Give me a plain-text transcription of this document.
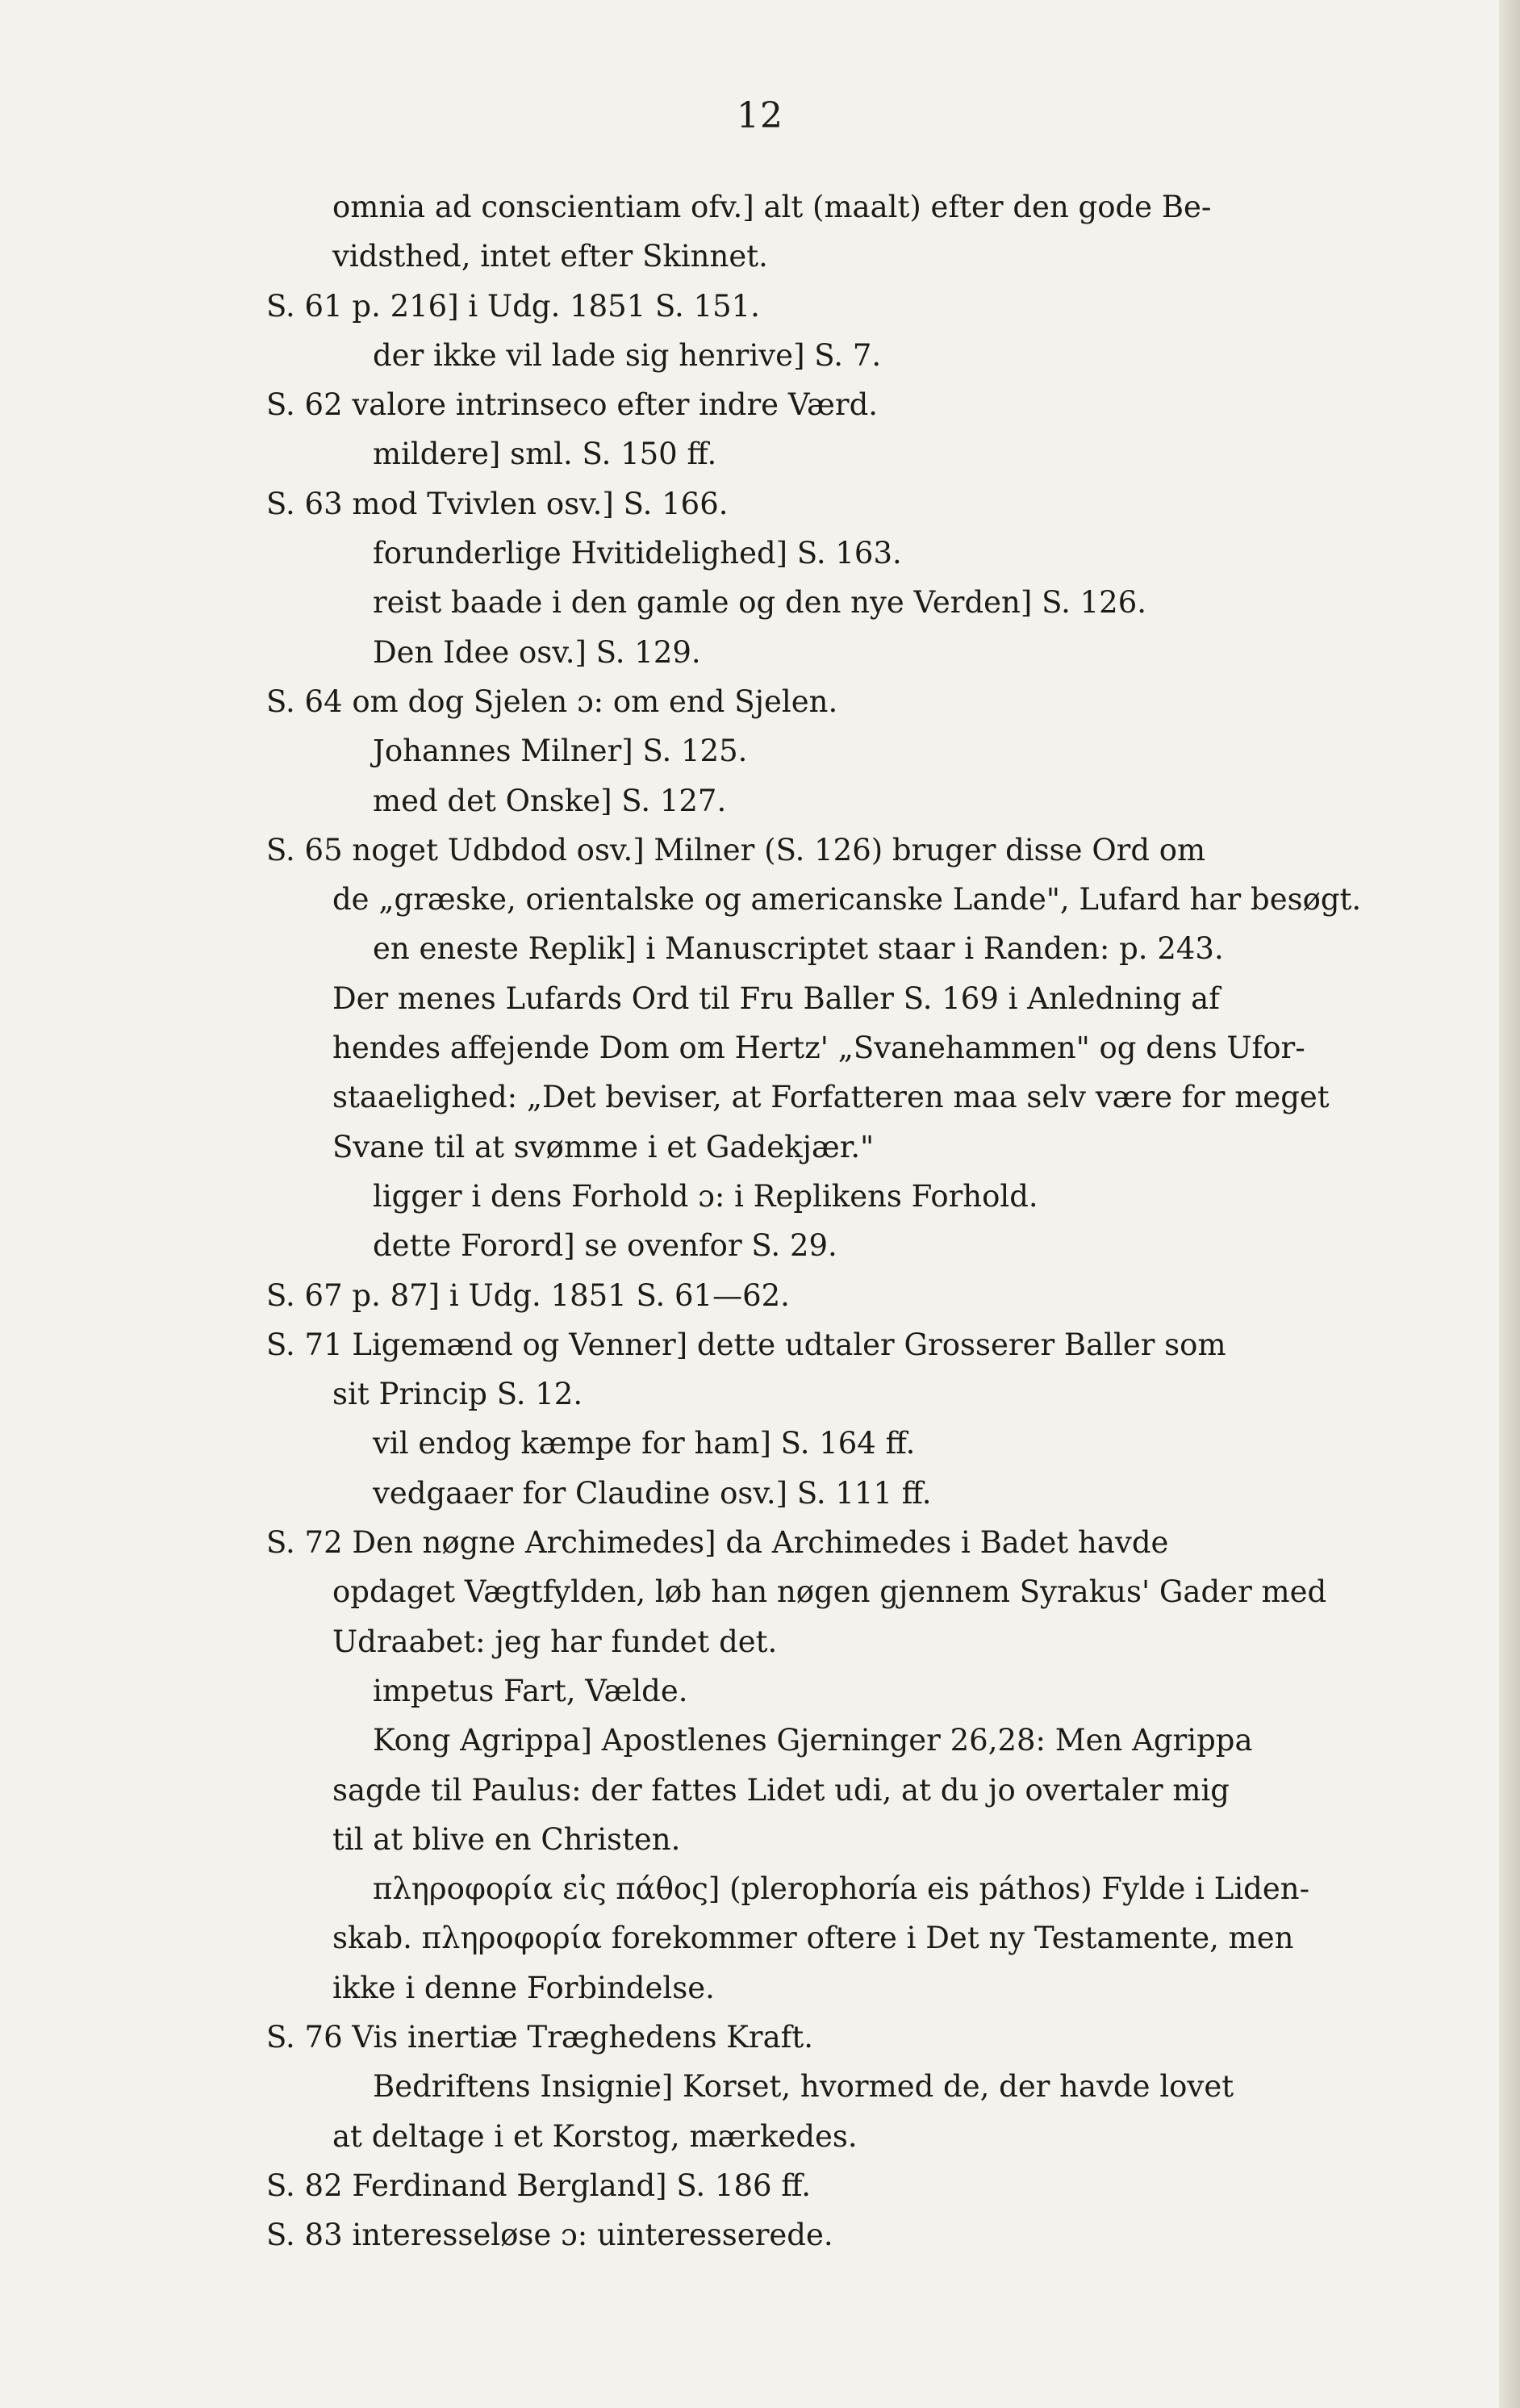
12
omnia ad conscientiam ofv.] alt (maalt) efter den gode Be-
vidsthed, intet efter Skinnet.
S. 61 p. 216] i Udg. 1851 S. 151.
der ikke vil lade sig henrive] S. 7.
S. 62 valore intrinseco efter indre Værd.
mildere] sml. S. 150 ff.
S. 63 mod Tvivlen osv.] S. 166.
forunderlige Hvitidelighed] S. 163.
reist baade i den gamle og den nye Verden] S. 126.
Den Idee osv.] S. 129.
S. 64 om dog Sjelen ɔ: om end Sjelen.
Johannes Milner] S. 125.
med det Onske] S. 127.
S. 65 noget Udbdod osv.] Milner (S. 126) bruger disse Ord om
de „græske, orientalske og americanske Lande", Lufard har besøgt.
en eneste Replik] i Manuscriptet staar i Randen: p. 243.
Der menes Lufards Ord til Fru Baller S. 169 i Anledning af
hendes affejende Dom om Hertz' „Svanehammen" og dens Ufor-
staaelighed: „Det beviser, at Forfatteren maa selv være for meget
Svane til at svømme i et Gadekjær."
ligger i dens Forhold ɔ: i Replikens Forhold.
dette Forord] se ovenfor S. 29.
S. 67 p. 87] i Udg. 1851 S. 61—62.
S. 71 Ligemænd og Venner] dette udtaler Grosserer Baller som
sit Princip S. 12.
vil endog kæmpe for ham] S. 164 ff.
vedgaaer for Claudine osv.] S. 111 ff.
S. 72 Den nøgne Archimedes] da Archimedes i Badet havde
opdaget Vægtfylden, løb han nøgen gjennem Syrakus' Gader med
Udraabet: jeg har fundet det.
impetus Fart, Vælde.
Kong Agrippa] Apostlenes Gjerninger 26,28: Men Agrippa
sagde til Paulus: der fattes Lidet udi, at du jo overtaler mig
til at blive en Christen.
πληροφορία εἰς πάθος] (plerophoría eis páthos) Fylde i Liden-
skab. πληροφορία forekommer oftere i Det ny Testamente, men
ikke i denne Forbindelse.
S. 76 Vis inertiæ Træghedens Kraft.
Bedriftens Insignie] Korset, hvormed de, der havde lovet
at deltage i et Korstog, mærkedes.
S. 82 Ferdinand Bergland] S. 186 ff.
S. 83 interesseløse ɔ: uinteresserede.
